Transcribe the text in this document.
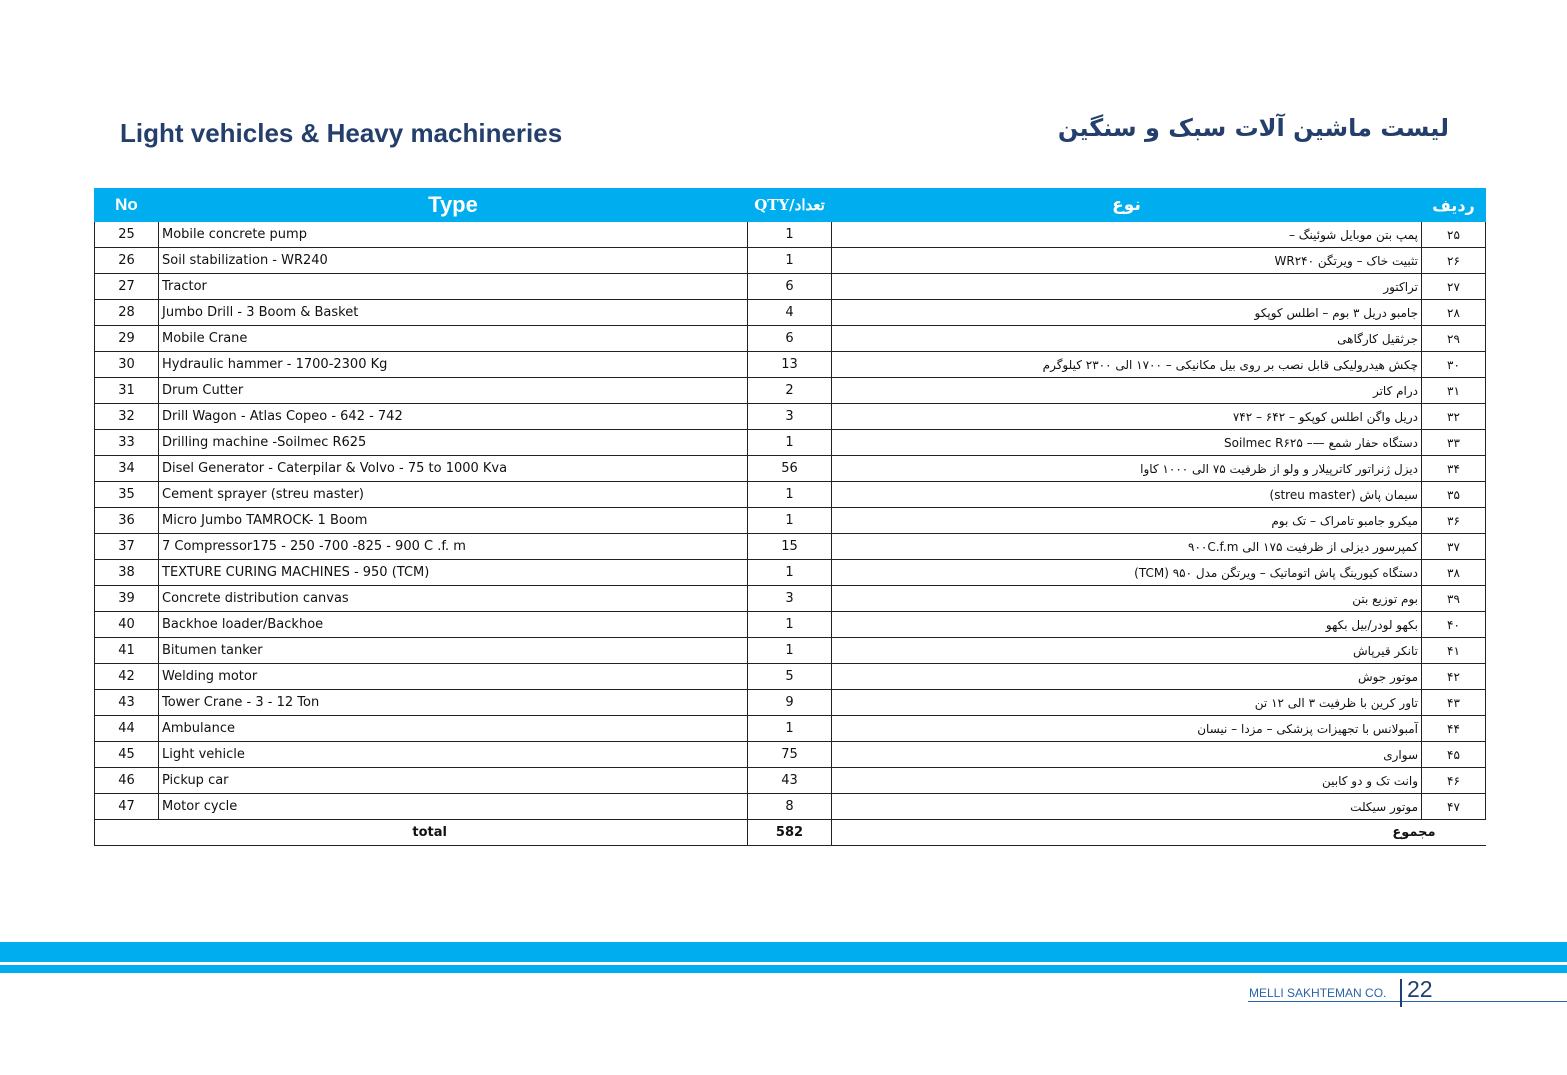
Light vehicles & Heavy machineries	لیست ماشین آلات سبک و سنگین
No	Type	QTY/تعداد	نوع	ردیف
25	Mobile concrete pump	1	پمپ بتن موبایل شوئینگ –	۲۵
26	Soil stabilization - WR240	1	تثبیت خاک – ویرتگن WR۲۴۰	۲۶
27	Tractor	6	تراکتور	۲۷
28	Jumbo Drill - 3 Boom & Basket	4	جامبو دریل ۳ بوم – اطلس کوپکو	۲۸
29	Mobile Crane	6	جرثقیل کارگاهی	۲۹
30	Hydraulic hammer - 1700-2300 Kg	13	چکش هیدرولیکی قابل نصب بر روی بیل مکانیکی – ۱۷۰۰ الی ۲۳۰۰ کیلوگرم	۳۰
31	Drum Cutter	2	درام کاتر	۳۱
32	Drill Wagon - Atlas Copeo - 642 - 742	3	دریل واگن اطلس کوپکو – ۶۴۲ – ۷۴۲	۳۲
33	Drilling machine -Soilmec R625	1	دستگاه حفار شمع —– Soilmec R۶۲۵	۳۳
34	Disel Generator - Caterpilar & Volvo - 75 to 1000 Kva	56	دیزل ژنراتور کاترپیلار و ولو از ظرفیت ۷۵ الی ۱۰۰۰ کاوا	۳۴
35	Cement sprayer (streu master)	1	سیمان پاش (streu master)	۳۵
36	Micro Jumbo TAMROCK- 1 Boom	1	میکرو جامبو تامراک – تک بوم	۳۶
37	7 Compressor175 - 250 -700 -825 - 900 C .f. m	15	کمپرسور دیزلی از ظرفیت ۱۷۵ الی ۹۰۰C.f.m	۳۷
38	TEXTURE CURING MACHINES - 950 (TCM)	1	دستگاه کیورینگ پاش اتوماتیک – ویرتگن مدل ۹۵۰ (TCM)	۳۸
39	Concrete distribution canvas	3	بوم توزیع بتن	۳۹
40	Backhoe loader/Backhoe	1	بکهو لودر/بیل بکهو	۴۰
41	Bitumen tanker	1	تانکر قیرپاش	۴۱
42	Welding motor	5	موتور جوش	۴۲
43	Tower Crane - 3 - 12 Ton	9	تاور کرین با ظرفیت ۳ الی ۱۲ تن	۴۳
44	Ambulance	1	آمبولانس با تجهیزات پزشکی – مزدا – نیسان	۴۴
45	Light vehicle	75	سواری	۴۵
46	Pickup car	43	وانت تک و دو کابین	۴۶
47	Motor cycle	8	موتور سیکلت	۴۷
total		582	مجموع	

MELLI SAKHTEMAN CO. 22
